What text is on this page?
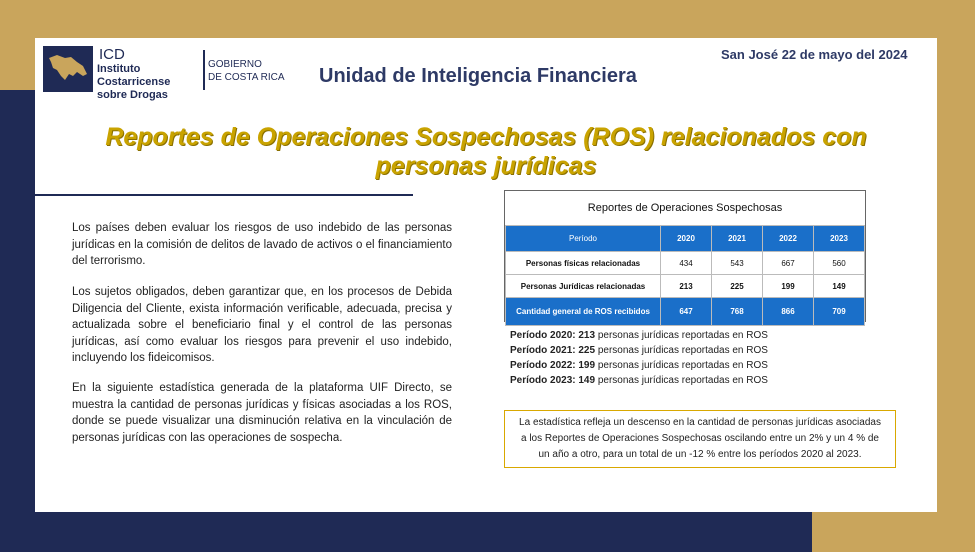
ICD
Instituto
Costarricense
sobre Drogas
GOBIERNO
DE COSTA RICA	Unidad de Inteligencia Financiera
San José 22 de mayo del 2024
Reportes de Operaciones Sospechosas (ROS) relacionados con
personas jurídicas
Los países deben evaluar los riesgos de uso indebido de las personas jurídicas en la comisión de delitos de lavado de activos o el financiamiento del terrorismo.
Los sujetos obligados, deben garantizar que, en los procesos de Debida Diligencia del Cliente, exista información verificable, adecuada, precisa y actualizada sobre el beneficiario final y el control de las personas jurídicas, así como evaluar los riesgos para prevenir el uso indebido, incluyendo los fideicomisos.
En la siguiente estadística generada de la plataforma UIF Directo, se muestra la cantidad de personas jurídicas y físicas asociadas a los ROS, donde se puede visualizar una disminución relativa en la vinculación de personas jurídicas con las operaciones de sospecha.
Reportes de Operaciones Sospechosas
Período	2020	2021	2022	2023
Personas físicas relacionadas	434	543	667	560
Personas Jurídicas relacionadas	213	225	199	149
Cantidad general de ROS recibidos	647	768	866	709
Período 2020: 213 personas jurídicas reportadas en ROS
Período 2021: 225 personas jurídicas reportadas en ROS
Período 2022: 199 personas jurídicas reportadas en ROS
Período 2023: 149 personas jurídicas reportadas en ROS
La estadística refleja un descenso en la cantidad de personas jurídicas asociadas
a los Reportes de Operaciones Sospechosas oscilando entre un 2% y un 4 % de
un año a otro, para un total de un -12 % entre los períodos 2020 al 2023.
